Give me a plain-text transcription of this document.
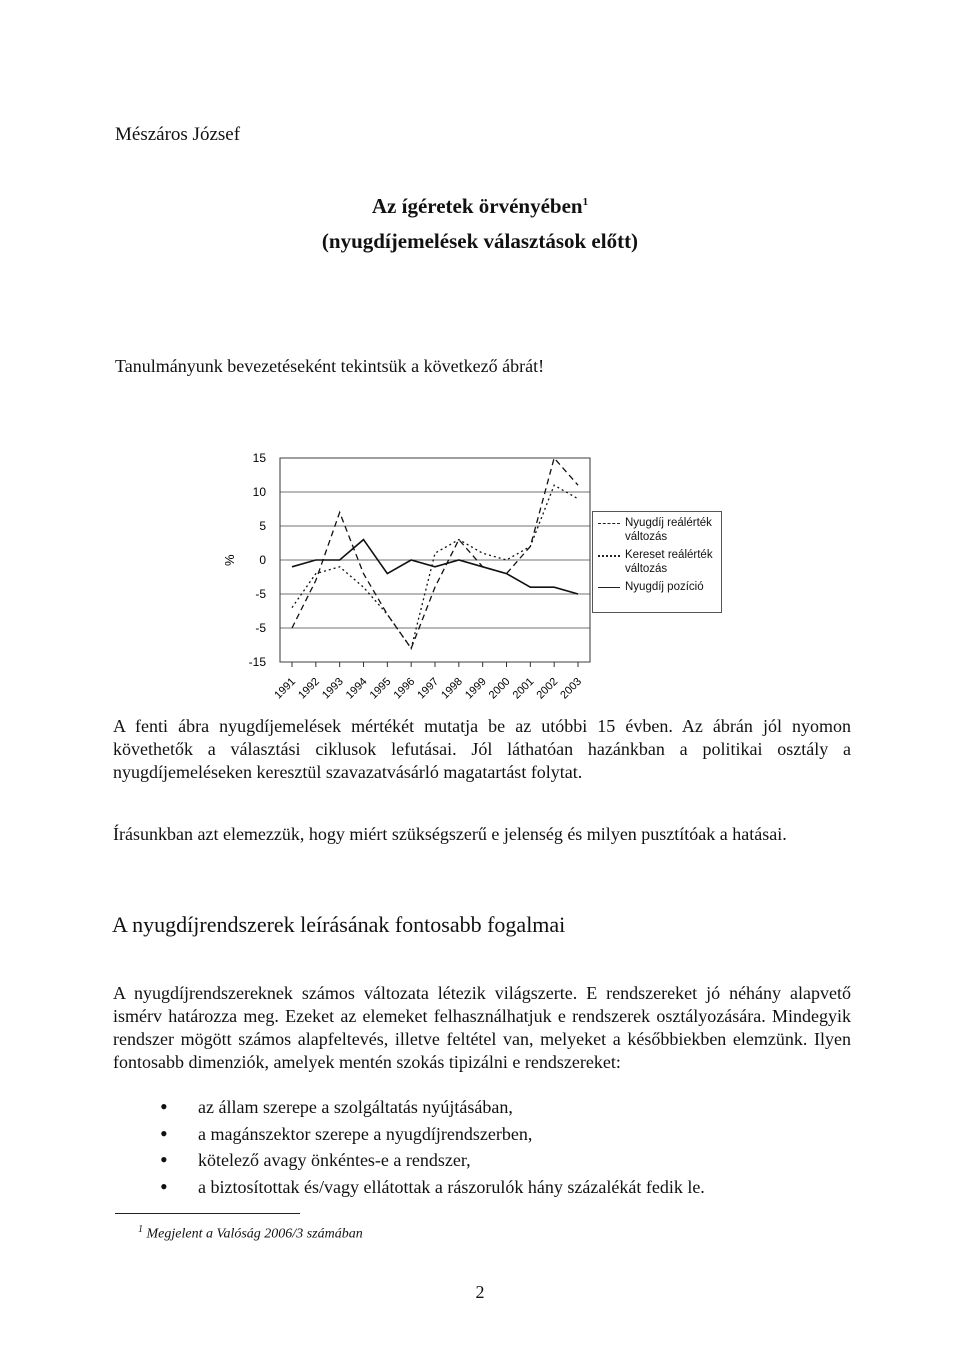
Mészáros József
Az ígéretek örvényében$^1$
(nyugdíjemelések választások előtt)
Tanulmányunk bevezetéseként tekintsük a következő ábrát!
15
10
5
0
-5
-5
-15
%
1991
1992
1993
1994
1995
1996
1997
1998
1999
2000
2001
2002
2003
Nyugdíj reálérték változás
Kereset reálérték változás
Nyugdíj pozíció
A fenti ábra nyugdíjemelések mértékét mutatja be az utóbbi 15 évben. Az ábrán jól nyomon követhetők a választási ciklusok lefutásai. Jól láthatóan hazánkban a politikai osztály a nyugdíjemeléseken keresztül szavazatvásárló magatartást folytat.
Írásunkban azt elemezzük, hogy miért szükségszerű e jelenség és milyen pusztítóak a hatásai.
A nyugdíjrendszerek leírásának fontosabb fogalmai
A nyugdíjrendszereknek számos változata létezik világszerte. E rendszereket jó néhány alapvető ismérv határozza meg. Ezeket az elemeket felhasználhatjuk e rendszerek osztályozására. Mindegyik rendszer mögött számos alapfeltevés, illetve feltétel van, melyeket a későbbiekben elemzünk. Ilyen fontosabb dimenziók, amelyek mentén szokás tipizálni e rendszereket:
• az állam szerepe a szolgáltatás nyújtásában,
• a magánszektor szerepe a nyugdíjrendszerben,
• kötelező avagy önkéntes-e a rendszer,
• a biztosítottak és/vagy ellátottak a rászorulók hány százalékát fedik le.
$^1$ Megjelent a Valóság 2006/3 számában
2
